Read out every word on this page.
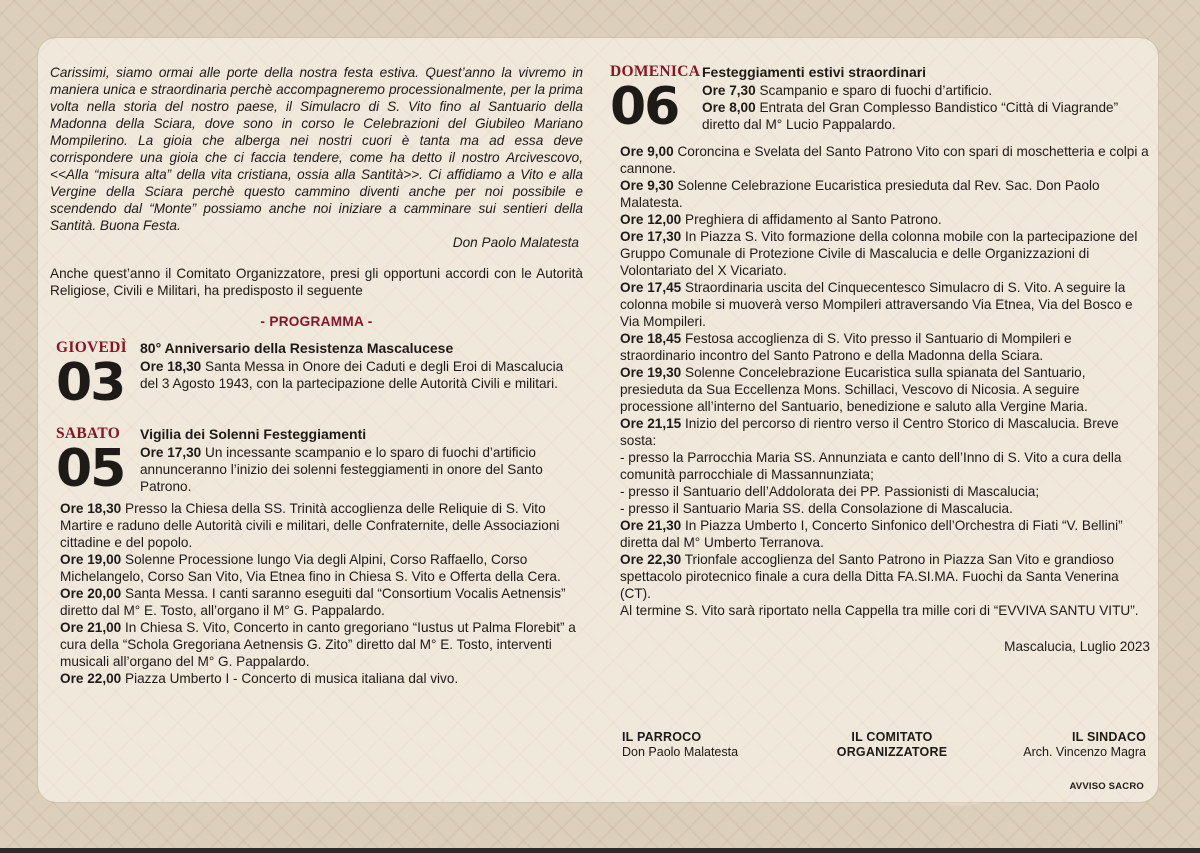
Carissimi, siamo ormai alle porte della nostra festa estiva. Quest’anno la vivremo in maniera unica e straordinaria perchè accompagneremo processionalmente, per la prima volta nella storia del nostro paese, il Simulacro di S. Vito fino al Santuario della Madonna della Sciara, dove sono in corso le Celebrazioni del Giubileo Mariano Mompilerino. La gioia che alberga nei nostri cuori è tanta ma ad essa deve corrispondere una gioia che ci faccia tendere, come ha detto il nostro Arcivescovo, <<Alla “misura alta” della vita cristiana, ossia alla Santità>>. Ci affidiamo a Vito e alla Vergine della Sciara perchè questo cammino diventi anche per noi possibile e scendendo dal “Monte” possiamo anche noi iniziare a camminare sui sentieri della Santità. Buona Festa.

Don Paolo Malatesta

Anche quest’anno il Comitato Organizzatore, presi gli opportuni accordi con le Autorità Religiose, Civili e Militari, ha predisposto il seguente

- PROGRAMMA -
GIOVEDÌ
03
80° Anniversario della Resistenza Mascalucese

Ore 18,30 Santa Messa in Onore dei Caduti e degli Eroi di Mascalucia del 3 Agosto 1943, con la partecipazione delle Autorità Civili e militari.

SABATO
05
Vigilia dei Solenni Festeggiamenti

Ore 17,30 Un incessante scampanio e lo sparo di fuochi d’artificio annunceranno l’inizio dei solenni festeggiamenti in onore del Santo Patrono.

Ore 18,30 Presso la Chiesa della SS. Trinità accoglienza delle Reliquie di S. Vito Martire e raduno delle Autorità civili e militari, delle Confraternite, delle Associazioni cittadine e del popolo.

Ore 19,00 Solenne Processione lungo Via degli Alpini, Corso Raffaello, Corso Michelangelo, Corso San Vito, Via Etnea fino in Chiesa S. Vito e Offerta della Cera.

Ore 20,00 Santa Messa. I canti saranno eseguiti dal “Consortium Vocalis Aetnensis” diretto dal M° E. Tosto, all’organo il M° G. Pappalardo.

Ore 21,00 In Chiesa S. Vito, Concerto in canto gregoriano “Iustus ut Palma Florebit” a cura della “Schola Gregoriana Aetnensis G. Zito” diretto dal M° E. Tosto, interventi musicali all’organo del M° G. Pappalardo.

Ore 22,00 Piazza Umberto I - Concerto di musica italiana dal vivo.

DOMENICA
06
Festeggiamenti estivi straordinari

Ore 7,30 Scampanio e sparo di fuochi d’artificio.

Ore 8,00 Entrata del Gran Complesso Bandistico “Città di Viagrande” diretto dal M° Lucio Pappalardo.

Ore 9,00 Coroncina e Svelata del Santo Patrono Vito con spari di moschetteria e colpi a cannone.

Ore 9,30 Solenne Celebrazione Eucaristica presieduta dal Rev. Sac. Don Paolo Malatesta.

Ore 12,00 Preghiera di affidamento al Santo Patrono.

Ore 17,30 In Piazza S. Vito formazione della colonna mobile con la partecipazione del Gruppo Comunale di Protezione Civile di Mascalucia e delle Organizzazioni di Volontariato del X Vicariato.

Ore 17,45 Straordinaria uscita del Cinquecentesco Simulacro di S. Vito. A seguire la colonna mobile si muoverà verso Mompileri attraversando Via Etnea, Via del Bosco e Via Mompileri.

Ore 18,45 Festosa accoglienza di S. Vito presso il Santuario di Mompileri e straordinario incontro del Santo Patrono e della Madonna della Sciara.

Ore 19,30 Solenne Concelebrazione Eucaristica sulla spianata del Santuario, presieduta da Sua Eccellenza Mons. Schillaci, Vescovo di Nicosia. A seguire processione all’interno del Santuario, benedizione e saluto alla Vergine Maria.

Ore 21,15 Inizio del percorso di rientro verso il Centro Storico di Mascalucia. Breve sosta:

- presso la Parrocchia Maria SS. Annunziata e canto dell’Inno di S. Vito a cura della comunità parrocchiale di Massannunziata;

- presso il Santuario dell’Addolorata dei PP. Passionisti di Mascalucia;

- presso il Santuario Maria SS. della Consolazione di Mascalucia.

Ore 21,30 In Piazza Umberto I, Concerto Sinfonico dell’Orchestra di Fiati “V. Bellini” diretta dal M° Umberto Terranova.

Ore 22,30 Trionfale accoglienza del Santo Patrono in Piazza San Vito e grandioso spettacolo pirotecnico finale a cura della Ditta FA.SI.MA. Fuochi da Santa Venerina (CT).

Al termine S. Vito sarà riportato nella Cappella tra mille cori di “EVVIVA SANTU VITU”.

Mascalucia, Luglio 2023
IL PARROCO
Don Paolo Malatesta
IL COMITATO ORGANIZZATORE
IL SINDACO
Arch. Vincenzo Magra
AVVISO SACRO
